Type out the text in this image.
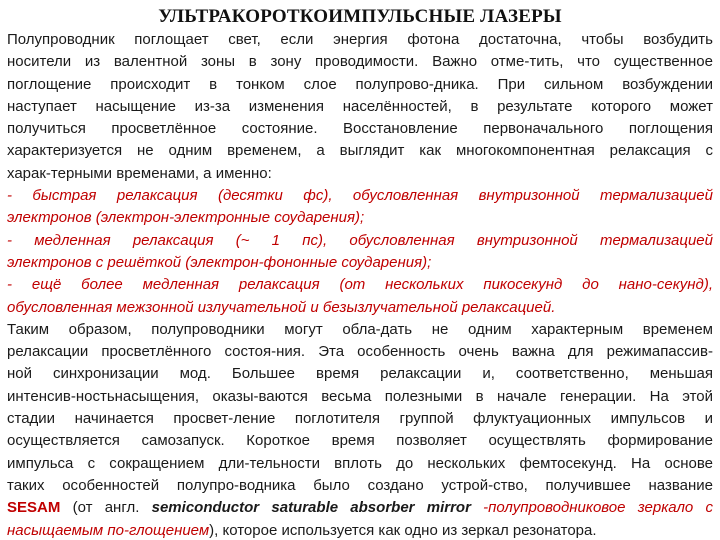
УЛЬТРАКОРОТКОИМПУЛЬСНЫЕ ЛАЗЕРЫ
Полупроводник поглощает свет, если энергия фотона достаточна, чтобы возбудить
носители из валентной зоны в зону проводимости. Важно отме-тить, что существенное
поглощение происходит в тонком слое полупрово-дника. При сильном возбуждении
наступает насыщение из-за изменения населённостей, в результате которого может
получиться просветлённое состояние. Восстановление первоначального поглощения
характеризуется не одним временем, а выглядит как многокомпонентная релаксация с
харак-терными временами, а именно:
- быстрая релаксация (десятки фс), обусловленная внутризонной термализацией
электронов (электрон-электронные соударения);
- медленная релаксация (~ 1 пс), обусловленная внутризонной термализацией
электронов с решёткой (электрон-фононные соударения);
- ещё более медленная релаксация (от нескольких пикосекунд до нано-секунд),
обусловленная межзонной излучательной и безызлучательной релаксацией.
Таким образом, полупроводники могут обла-дать не одним характерным временем
релаксации просветлённого состоя-ния. Эта особенность очень важна для режимапассив-
ной синхронизации мод. Большее время релаксации и, соответственно, меньшая
интенсив-ностьнасыщения, оказы-ваются весьма полезными в начале генерации. На этой
стадии начинается просвет-ление поглотителя группой флуктуационных импульсов и
осуществляется самозапуск. Короткое время позволяет осуществлять формирование
импульса с сокращением дли-тельности вплоть до нескольких фемтосекунд. На основе
таких особенностей полупро-водника было создано устрой-ство, получившее название
SESAM (от англ. semiconductor saturable absorber mirror -полупроводниковое зеркало с
насыщаемым по-глощением), которое используется как одно из зеркал резонатора.
